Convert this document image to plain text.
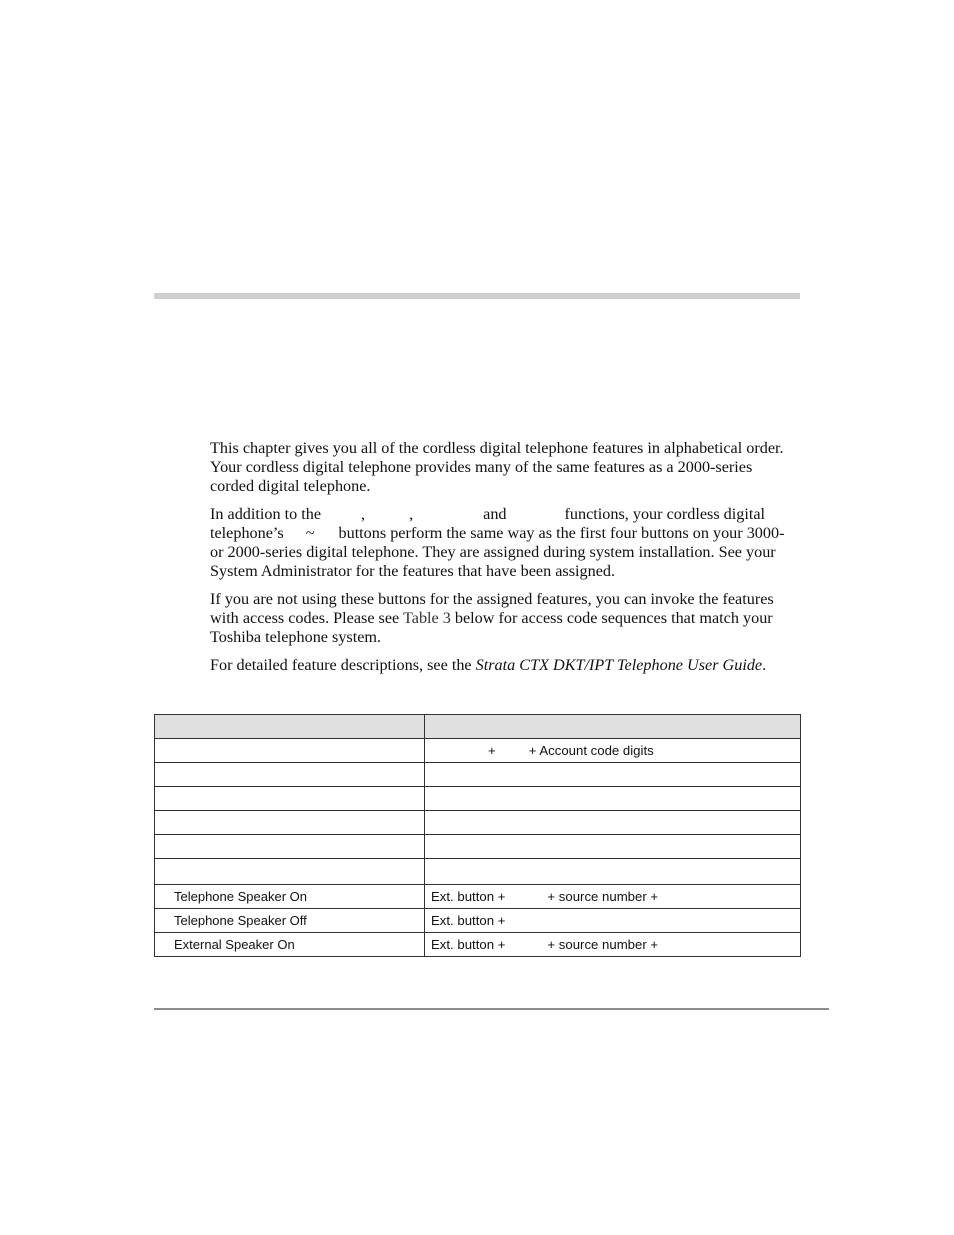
This chapter gives you all of the cordless digital telephone features in alphabetical order. Your cordless digital telephone provides many of the same features as a 2000-series corded digital telephone.

In addition to the ,	,	and	functions, your cordless digital telephone’s ~ buttons perform the same way as the first four buttons on your 3000- or 2000-series digital telephone. They are assigned during system installation. See your System Administrator for the features that have been assigned.

If you are not using these buttons for the assigned features, you can invoke the features with access codes. Please see Table 3 below for access code sequences that match your Toshiba telephone system.

For detailed feature descriptions, see the Strata CTX DKT/IPT Telephone User Guide.

	+ + Account code digits

Telephone Speaker On	Ext. button + + source number +
Telephone Speaker Off	Ext. button +
External Speaker On	Ext. button + + source number +
